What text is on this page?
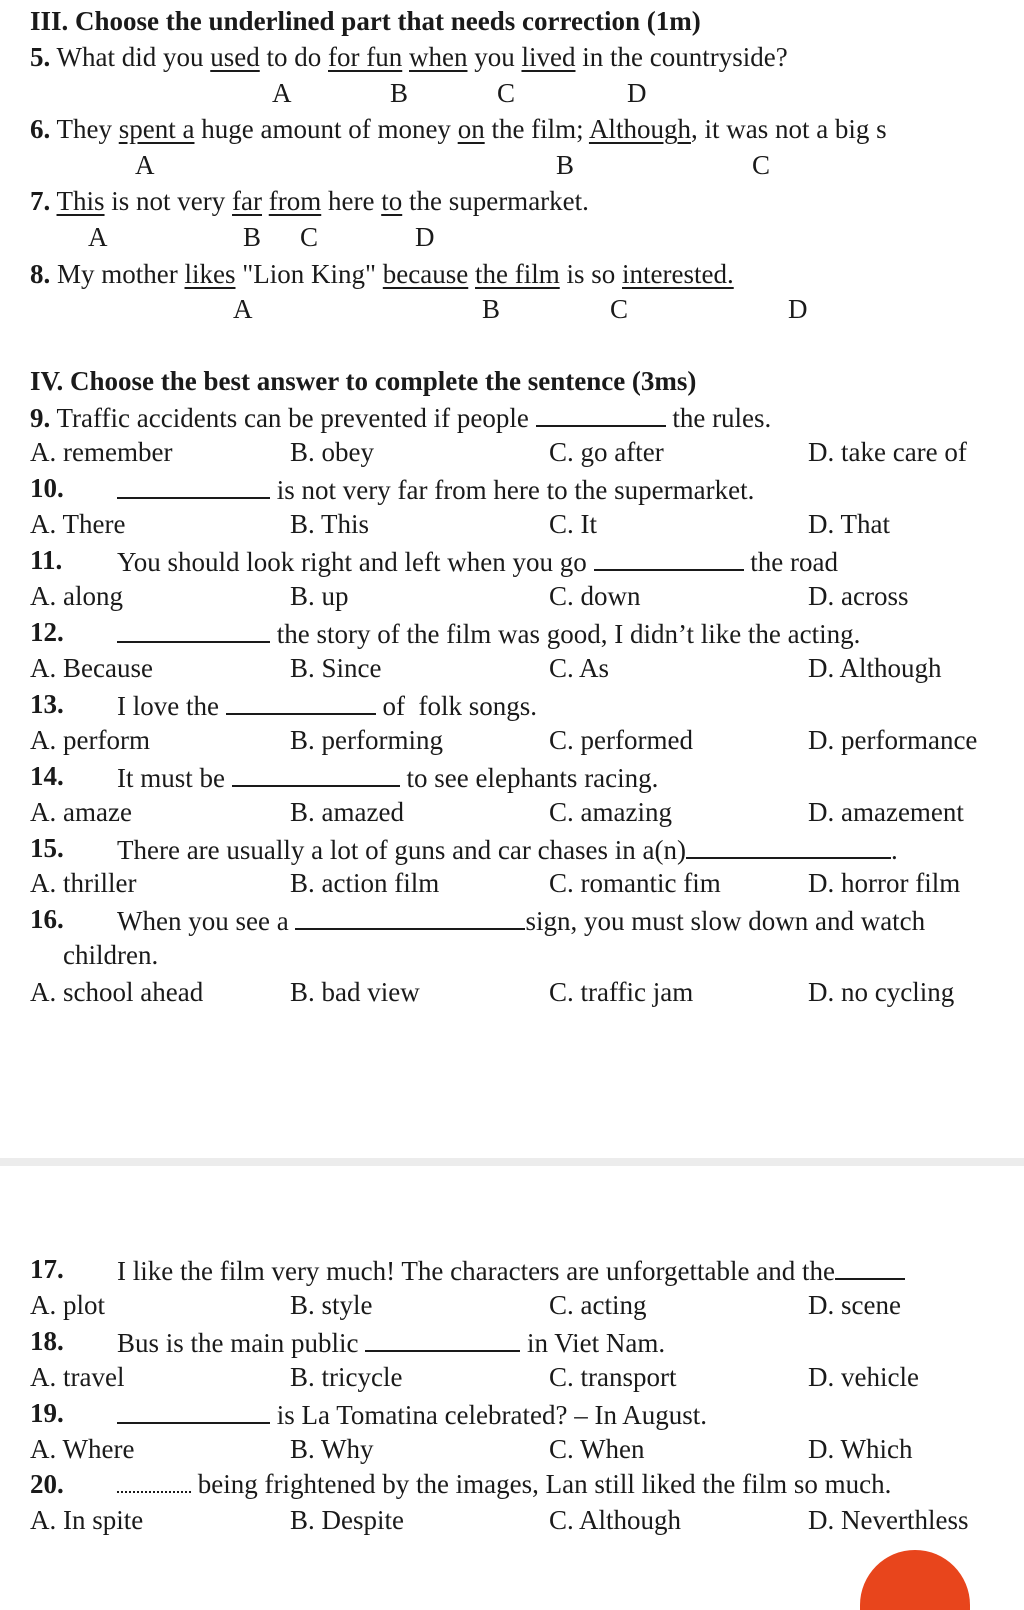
III. Choose the underlined part that needs correction (1m)
5. What did you used to do for fun when you lived in the countryside?
A	B	C	D
6. They spent a huge amount of money on the film; Although, it was not a big s
A	B	C
7. This is not very far from here to the supermarket.
A	B C	D
8. My mother likes "Lion King" because the film is so interested.
A	B	C	D
IV. Choose the best answer to complete the sentence (3ms)
9. Traffic accidents can be prevented if people	the rules.
A. remember	B. obey	C. go after	D. take care of
10.	is not very far from here to the supermarket.
A. There	B. This	C. It	D. That
11. You should look right and left when you go	the road
A. along	B. up	C. down	D. across
12.	the story of the film was good, I didn’t like the acting.
A. Because	B. Since	C. As	D. Although
13. I love the	of  folk songs.
A. perform	B. performing	C. performed	D. performance
14. It must be	to see elephants racing.
A. amaze	B. amazed	C. amazing	D. amazement
15. There are usually a lot of guns and car chases in a(n)	.
A. thriller	B. action film	C. romantic fim	D. horror film
16. When you see a	sign, you must slow down and watch
children.
A. school ahead	B. bad view	C. traffic jam	D. no cycling
17. I like the film very much! The characters are unforgettable and the
A. plot	B. style	C. acting	D. scene
18. Bus is the main public	in Viet Nam.
A. travel	B. tricycle	C. transport	D. vehicle
19.	is La Tomatina celebrated? – In August.
A. Where	B. Why	C. When	D. Which
20.	being frightened by the images, Lan still liked the film so much.
A. In spite	B. Despite	C. Although	D. Neverthless
